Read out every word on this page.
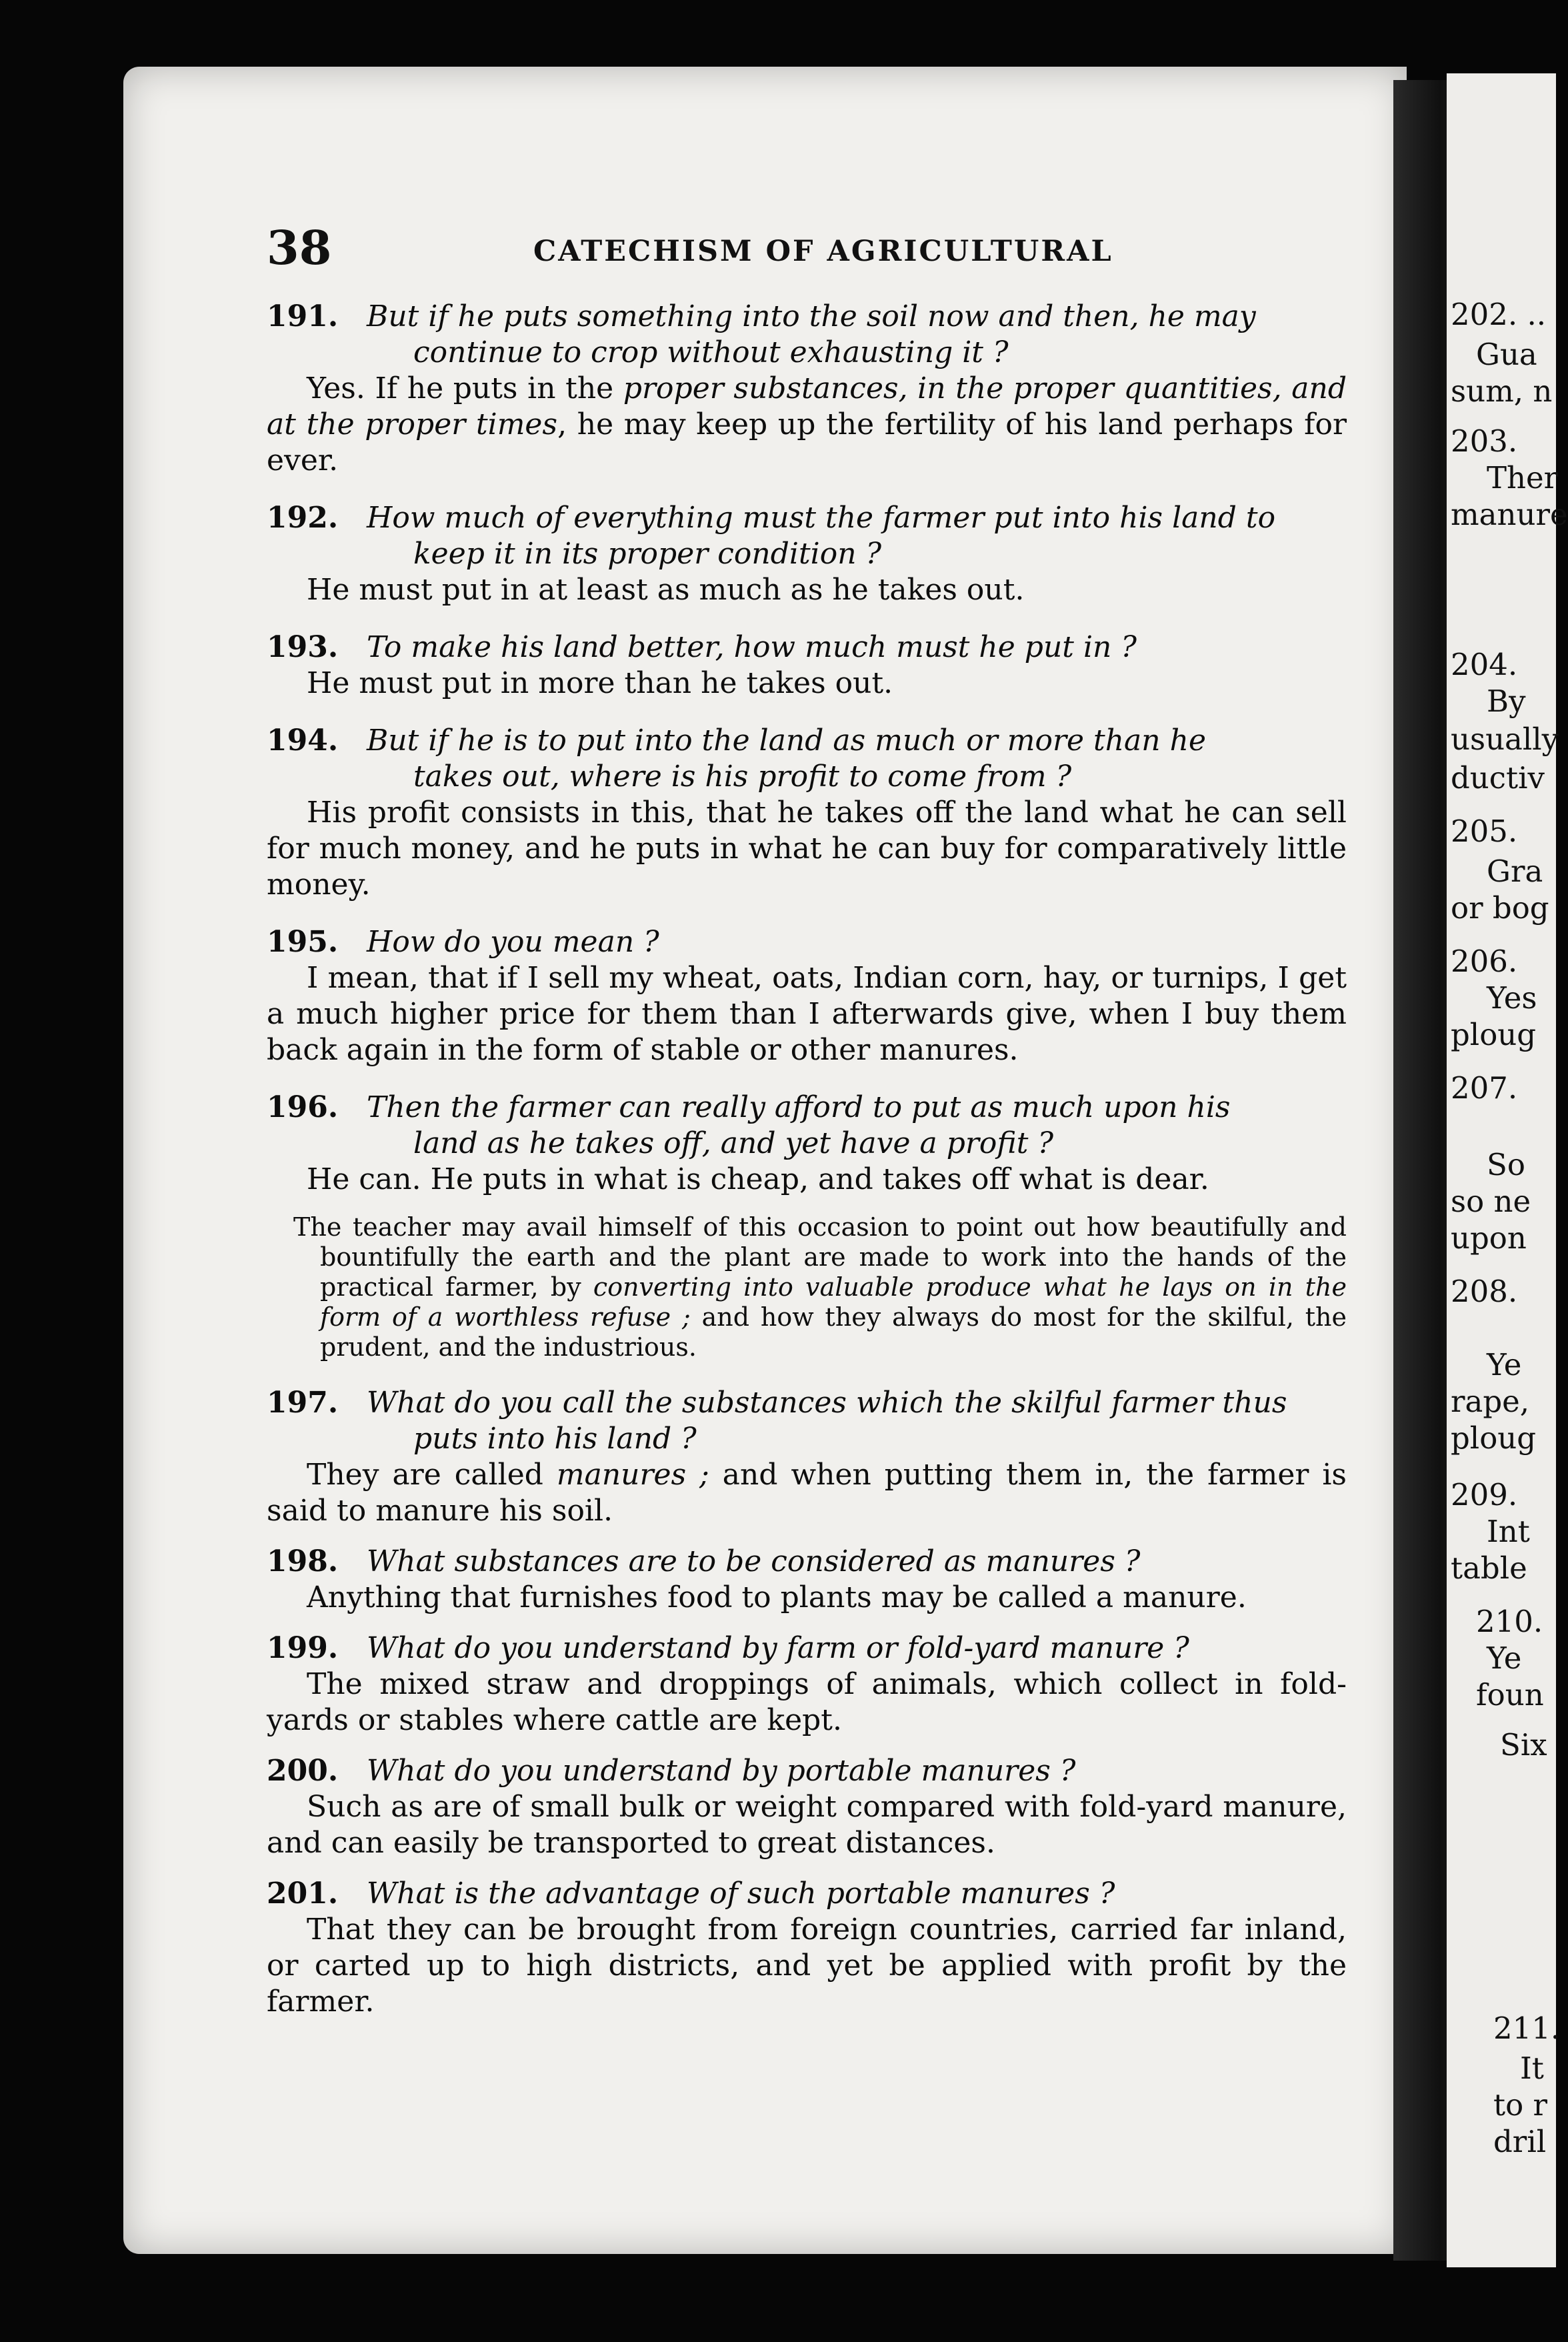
202. ..
Gua
sum, n
203.
Ther
manure
204.
By
usually
ductiv
205.
Gra
or bog
206.
Yes
ploug
207.
So
so ne
upon
208.
Ye
rape,
ploug
209.
Int
table
210.
Ye
foun
Six
211.
It
to r
dril
38	CATECHISM OF AGRICULTURAL
191. But if he puts something into the soil now and then, he may
continue to crop without exhausting it ?
Yes. If he puts in the proper substances, in the proper quantities, and at the proper times, he may keep up the fertility of his land perhaps for ever.
192. How much of everything must the farmer put into his land to
keep it in its proper condition ?
He must put in at least as much as he takes out.
193. To make his land better, how much must he put in ?
He must put in more than he takes out.
194. But if he is to put into the land as much or more than he
takes out, where is his profit to come from ?
His profit consists in this, that he takes off the land what he can sell for much money, and he puts in what he can buy for comparatively little money.
195. How do you mean ?
I mean, that if I sell my wheat, oats, Indian corn, hay, or turnips, I get a much higher price for them than I afterwards give, when I buy them back again in the form of stable or other manures.
196. Then the farmer can really afford to put as much upon his
land as he takes off, and yet have a profit ?
He can. He puts in what is cheap, and takes off what is dear.
The teacher may avail himself of this occasion to point out how beautifully and bountifully the earth and the plant are made to work into the hands of the practical farmer, by converting into valuable produce what he lays on in the form of a worthless refuse ; and how they always do most for the skilful, the prudent, and the industrious.
197. What do you call the substances which the skilful farmer thus
puts into his land ?
They are called manures ; and when putting them in, the farmer is said to manure his soil.
198. What substances are to be considered as manures ?
Anything that furnishes food to plants may be called a manure.
199. What do you understand by farm or fold-yard manure ?
The mixed straw and droppings of animals, which collect in fold-yards or stables where cattle are kept.
200. What do you understand by portable manures ?
Such as are of small bulk or weight compared with fold-yard manure, and can easily be transported to great distances.
201. What is the advantage of such portable manures ?
That they can be brought from foreign countries, carried far inland, or carted up to high districts, and yet be applied with profit by the farmer.
